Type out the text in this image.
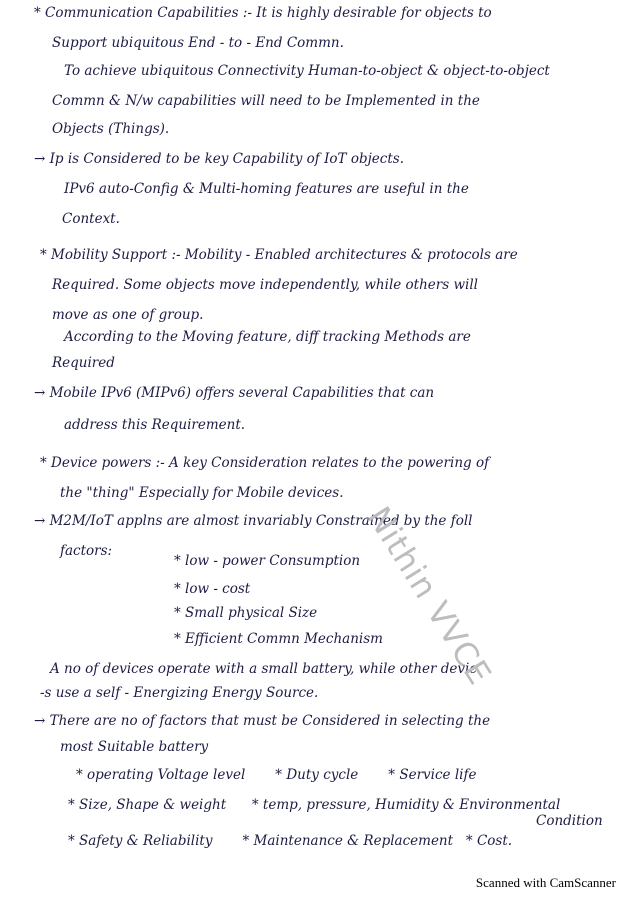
* Communication Capabilities :- It is highly desirable for objects to
Support ubiquitous End - to - End Commn.
To achieve ubiquitous Connectivity Human-to-object & object-to-object
Commn & N/w capabilities will need to be Implemented in the
Objects (Things).
→ Ip is Considered to be key Capability of IoT objects.
IPv6 auto-Config & Multi-homing features are useful in the
Context.
* Mobility Support :- Mobility - Enabled architectures & protocols are
Required. Some objects move independently, while others will
move as one of group.
According to the Moving feature, diff tracking Methods are
Required
→ Mobile IPv6 (MIPv6) offers several Capabilities that can
address this Requirement.
* Device powers :- A key Consideration relates to the powering of
the "thing" Especially for Mobile devices.
→ M2M/IoT applns are almost invariably Constrained by the foll
factors:
* low - power Consumption
* low - cost
* Small physical Size
* Efficient Commn Mechanism
A no of devices operate with a small battery, while other devic
-s use a self - Energizing Energy Source.
→ There are no of factors that must be Considered in selecting the
most Suitable battery
* operating Voltage level       * Duty cycle       * Service life
* Size, Shape & weight      * temp, pressure, Humidity & Environmental
Condition
* Safety & Reliability       * Maintenance & Replacement   * Cost.
Nithin VVCE
Scanned with CamScanner
